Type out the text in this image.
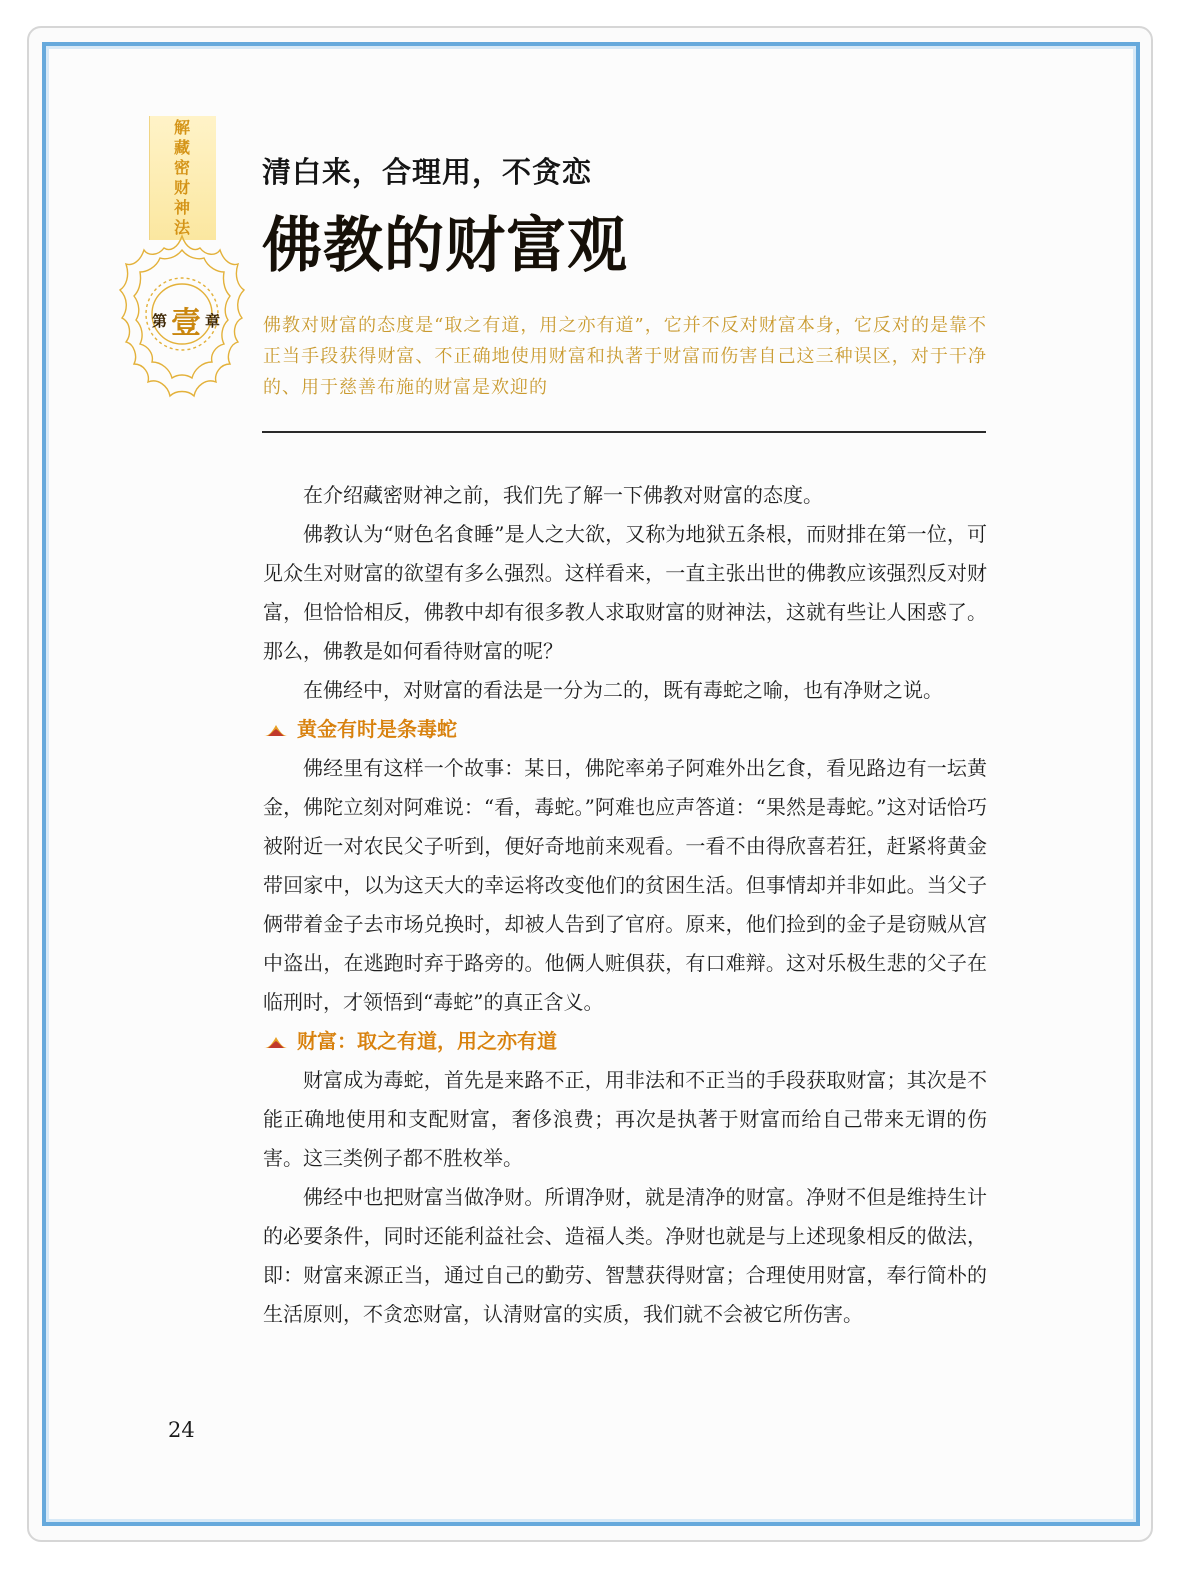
解藏密财神法
第 壹 章
清白来，合理用，不贪恋
佛教的财富观
佛教对财富的态度是“取之有道，用之亦有道”，它并不反对财富本身，它反对的是靠不正当手段获得财富、不正确地使用财富和执著于财富而伤害自己这三种误区，对于干净的、用于慈善布施的财富是欢迎的

在介绍藏密财神之前，我们先了解一下佛教对财富的态度。

佛教认为“财色名食睡”是人之大欲，又称为地狱五条根，而财排在第一位，可见众生对财富的欲望有多么强烈。这样看来，一直主张出世的佛教应该强烈反对财富，但恰恰相反，佛教中却有很多教人求取财富的财神法，这就有些让人困惑了。那么，佛教是如何看待财富的呢？

在佛经中，对财富的看法是一分为二的，既有毒蛇之喻，也有净财之说。

黄金有时是条毒蛇

佛经里有这样一个故事：某日，佛陀率弟子阿难外出乞食，看见路边有一坛黄金，佛陀立刻对阿难说：“看，毒蛇。”阿难也应声答道：“果然是毒蛇。”这对话恰巧被附近一对农民父子听到，便好奇地前来观看。一看不由得欣喜若狂，赶紧将黄金带回家中，以为这天大的幸运将改变他们的贫困生活。但事情却并非如此。当父子俩带着金子去市场兑换时，却被人告到了官府。原来，他们捡到的金子是窃贼从宫中盗出，在逃跑时弃于路旁的。他俩人赃俱获，有口难辩。这对乐极生悲的父子在临刑时，才领悟到“毒蛇”的真正含义。

财富：取之有道，用之亦有道

财富成为毒蛇，首先是来路不正，用非法和不正当的手段获取财富；其次是不能正确地使用和支配财富，奢侈浪费；再次是执著于财富而给自己带来无谓的伤害。这三类例子都不胜枚举。

佛经中也把财富当做净财。所谓净财，就是清净的财富。净财不但是维持生计的必要条件，同时还能利益社会、造福人类。净财也就是与上述现象相反的做法，即：财富来源正当，通过自己的勤劳、智慧获得财富；合理使用财富，奉行简朴的生活原则，不贪恋财富，认清财富的实质，我们就不会被它所伤害。

24
